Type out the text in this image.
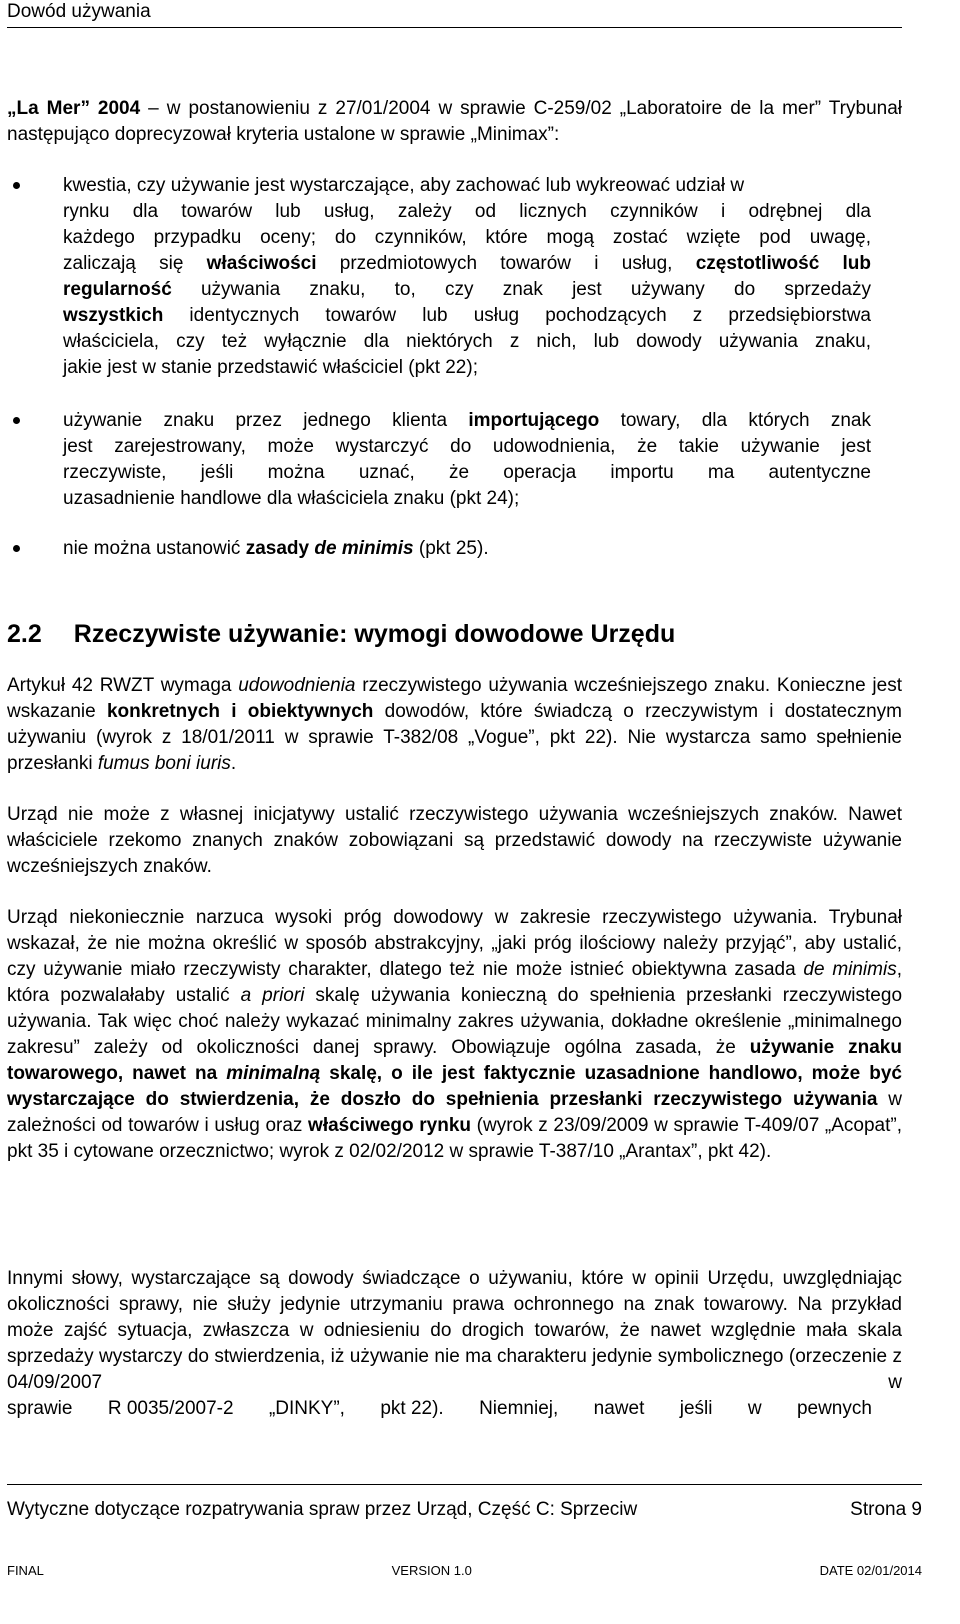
Dowód używania

„La Mer” 2004 – w postanowieniu z 27/01/2004 w sprawie C-259/02 „Laboratoire de la mer” Trybunał następująco doprecyzował kryteria ustalone w sprawie „Minimax”:

kwestia, czy używanie jest wystarczające, aby zachować lub wykreować udział w
rynku dla towarów lub usług, zależy od licznych czynników i odrębnej dla
każdego przypadku oceny; do czynników, które mogą zostać wzięte pod uwagę,
zaliczają się właściwości przedmiotowych towarów i usług, częstotliwość lub
regularność używania znaku, to, czy znak jest używany do sprzedaży
wszystkich identycznych towarów lub usług pochodzących z przedsiębiorstwa
właściciela, czy też wyłącznie dla niektórych z nich, lub dowody używania znaku,
jakie jest w stanie przedstawić właściciel (pkt 22);
używanie znaku przez jednego klienta importującego towary, dla których znak
jest zarejestrowany, może wystarczyć do udowodnienia, że takie używanie jest
rzeczywiste, jeśli można uznać, że operacja importu ma autentyczne
uzasadnienie handlowe dla właściciela znaku (pkt 24);
nie można ustanowić zasady de minimis (pkt 25).
2.2 Rzeczywiste używanie: wymogi dowodowe Urzędu

Artykuł 42 RWZT wymaga udowodnienia rzeczywistego używania wcześniejszego znaku. Konieczne jest wskazanie konkretnych i obiektywnych dowodów, które świadczą o rzeczywistym i dostatecznym używaniu (wyrok z 18/01/2011 w sprawie T-382/08 „Vogue”, pkt 22). Nie wystarcza samo spełnienie przesłanki fumus boni iuris.

Urząd nie może z własnej inicjatywy ustalić rzeczywistego używania wcześniejszych znaków. Nawet właściciele rzekomo znanych znaków zobowiązani są przedstawić dowody na rzeczywiste używanie wcześniejszych znaków.

Urząd niekoniecznie narzuca wysoki próg dowodowy w zakresie rzeczywistego używania. Trybunał wskazał, że nie można określić w sposób abstrakcyjny, „jaki próg ilościowy należy przyjąć”, aby ustalić, czy używanie miało rzeczywisty charakter, dlatego też nie może istnieć obiektywna zasada de minimis, która pozwalałaby ustalić a priori skalę używania konieczną do spełnienia przesłanki rzeczywistego używania. Tak więc choć należy wykazać minimalny zakres używania, dokładne określenie „minimalnego zakresu” zależy od okoliczności danej sprawy. Obowiązuje ogólna zasada, że używanie znaku towarowego, nawet na minimalną skalę, o ile jest faktycznie uzasadnione handlowo, może być wystarczające do stwierdzenia, że doszło do spełnienia przesłanki rzeczywistego używania w zależności od towarów i usług oraz właściwego rynku (wyrok z 23/09/2009 w sprawie T-409/07 „Acopat”, pkt 35 i cytowane orzecznictwo; wyrok z 02/02/2012 w sprawie T-387/10 „Arantax”, pkt 42).

Innymi słowy, wystarczające są dowody świadczące o używaniu, które w opinii Urzędu, uwzględniając okoliczności sprawy, nie służy jedynie utrzymaniu prawa ochronnego na znak towarowy. Na przykład może zajść sytuacja, zwłaszcza w odniesieniu do drogich towarów, że nawet względnie mała skala sprzedaży wystarczy do stwierdzenia, iż używanie nie ma charakteru jedynie symbolicznego (orzeczenie z 04/09/2007 w

sprawie R 0035/2007-2 „DINKY”, pkt 22). Niemniej, nawet jeśli w pewnych
Wytyczne dotyczące rozpatrywania spraw przez Urząd, Część C: Sprzeciw	Strona 9
FINAL	VERSION 1.0	DATE 02/01/2014
